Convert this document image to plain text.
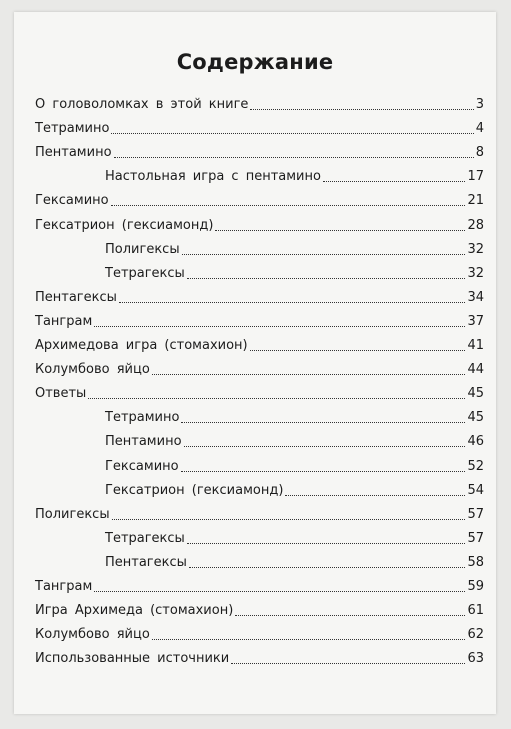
Содержание
О головоломках в этой книге	3
Тетрамино	4
Пентамино	8
Настольная игра с пентамино	17
Гексамино	21
Гексатрион (гексиамонд)	28
Полигексы	32
Тетрагексы	32
Пентагексы	34
Танграм	37
Архимедова игра (стомахион)	41
Колумбово яйцо	44
Ответы	45
Тетрамино	45
Пентамино	46
Гексамино	52
Гексатрион (гексиамонд)	54
Полигексы	57
Тетрагексы	57
Пентагексы	58
Танграм	59
Игра Архимеда (стомахион)	61
Колумбово яйцо	62
Использованные источники	63
